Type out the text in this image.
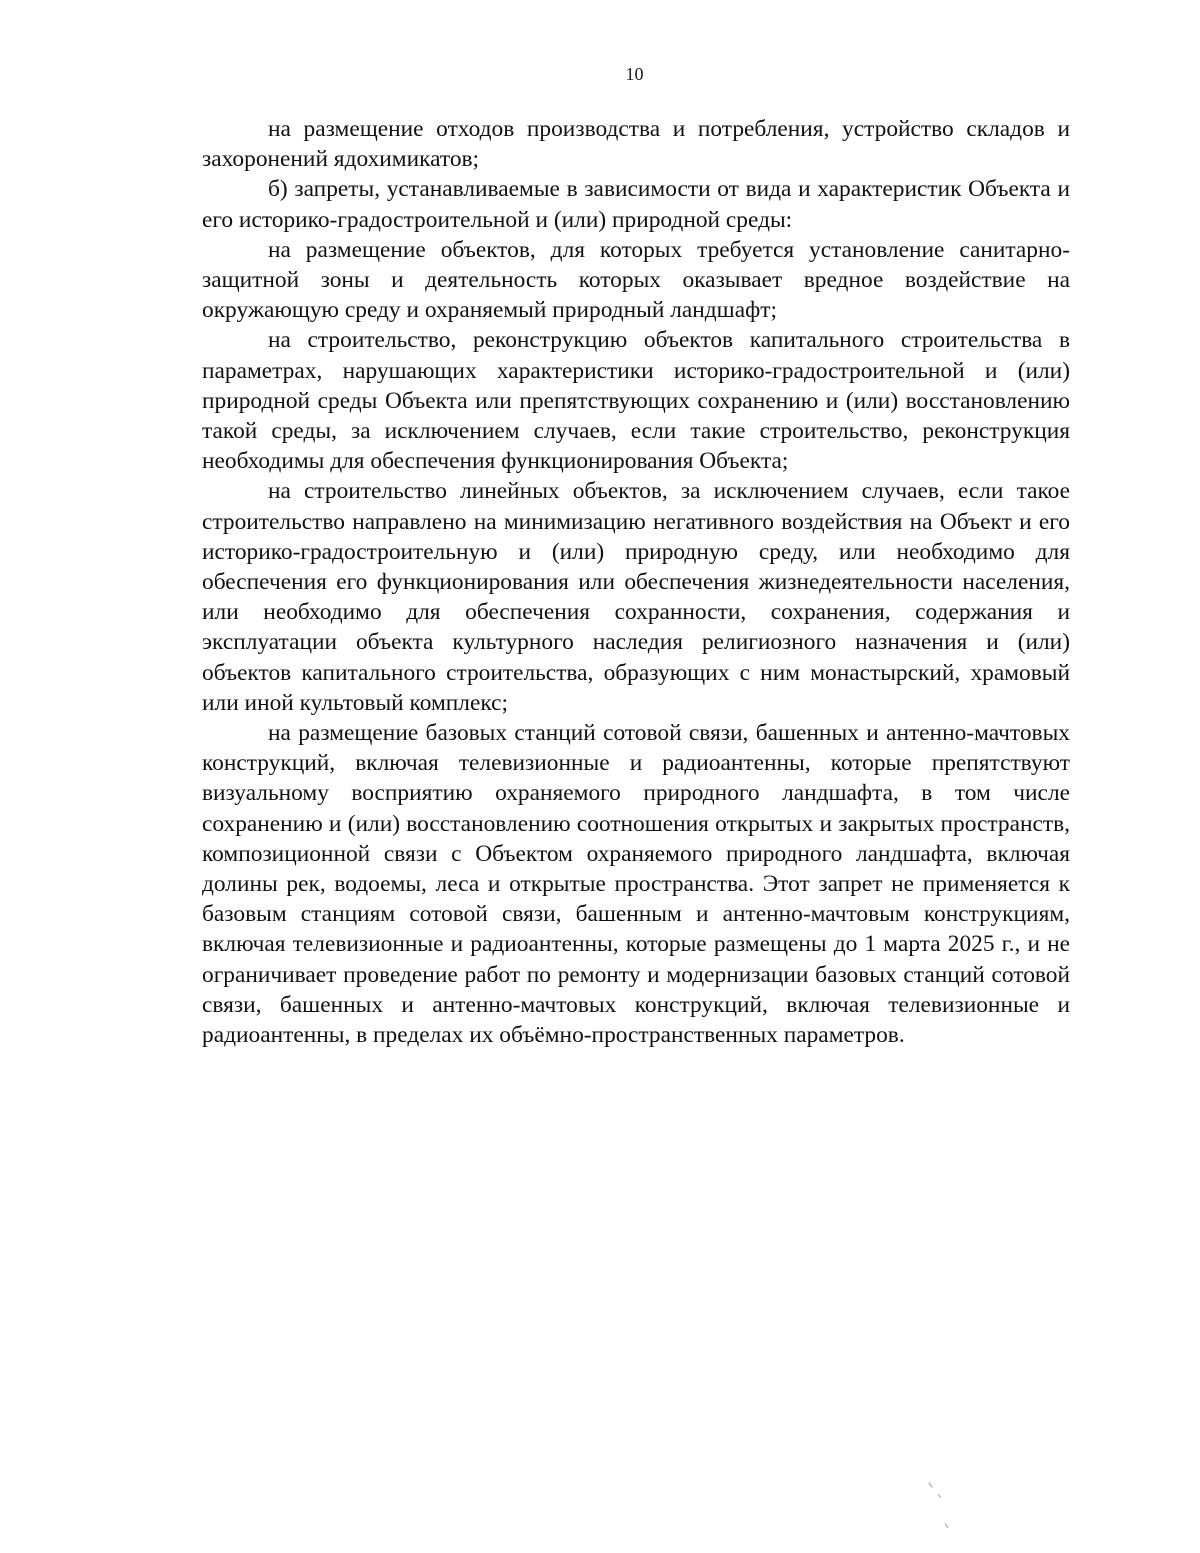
10

на размещение отходов производства и потребления, устройство складов и захоронений ядохимикатов;

б) запреты, устанавливаемые в зависимости от вида и характеристик Объекта и его историко-градостроительной и (или) природной среды:

на размещение объектов, для которых требуется установление санитарно-защитной зоны и деятельность которых оказывает вредное воздействие на окружающую среду и охраняемый природный ландшафт;

на строительство, реконструкцию объектов капитального строительства в параметрах, нарушающих характеристики историко-градостроительной и (или) природной среды Объекта или препятствующих сохранению и (или) восстановлению такой среды, за исключением случаев, если такие строительство, реконструкция необходимы для обеспечения функционирования Объекта;

на строительство линейных объектов, за исключением случаев, если такое строительство направлено на минимизацию негативного воздействия на Объект и его историко-градостроительную и (или) природную среду, или необходимо для обеспечения его функционирования или обеспечения жизнедеятельности населения, или необходимо для обеспечения сохранности, сохранения, содержания и эксплуатации объекта культурного наследия религиозного назначения и (или) объектов капитального строительства, образующих с ним монастырский, храмовый или иной культовый комплекс;

на размещение базовых станций сотовой связи, башенных и антенно-мачтовых конструкций, включая телевизионные и радиоантенны, которые препятствуют визуальному восприятию охраняемого природного ландшафта, в том числе сохранению и (или) восстановлению соотношения открытых и закрытых пространств, композиционной связи с Объектом охраняемого природного ландшафта, включая долины рек, водоемы, леса и открытые пространства. Этот запрет не применяется к базовым станциям сотовой связи, башенным и антенно-мачтовым конструкциям, включая телевизионные и радиоантенны, которые размещены до 1 марта 2025 г., и не ограничивает проведение работ по ремонту и модернизации базовых станций сотовой связи, башенных и антенно-мачтовых конструкций, включая телевизионные и радиоантенны, в пределах их объёмно-пространственных параметров.
